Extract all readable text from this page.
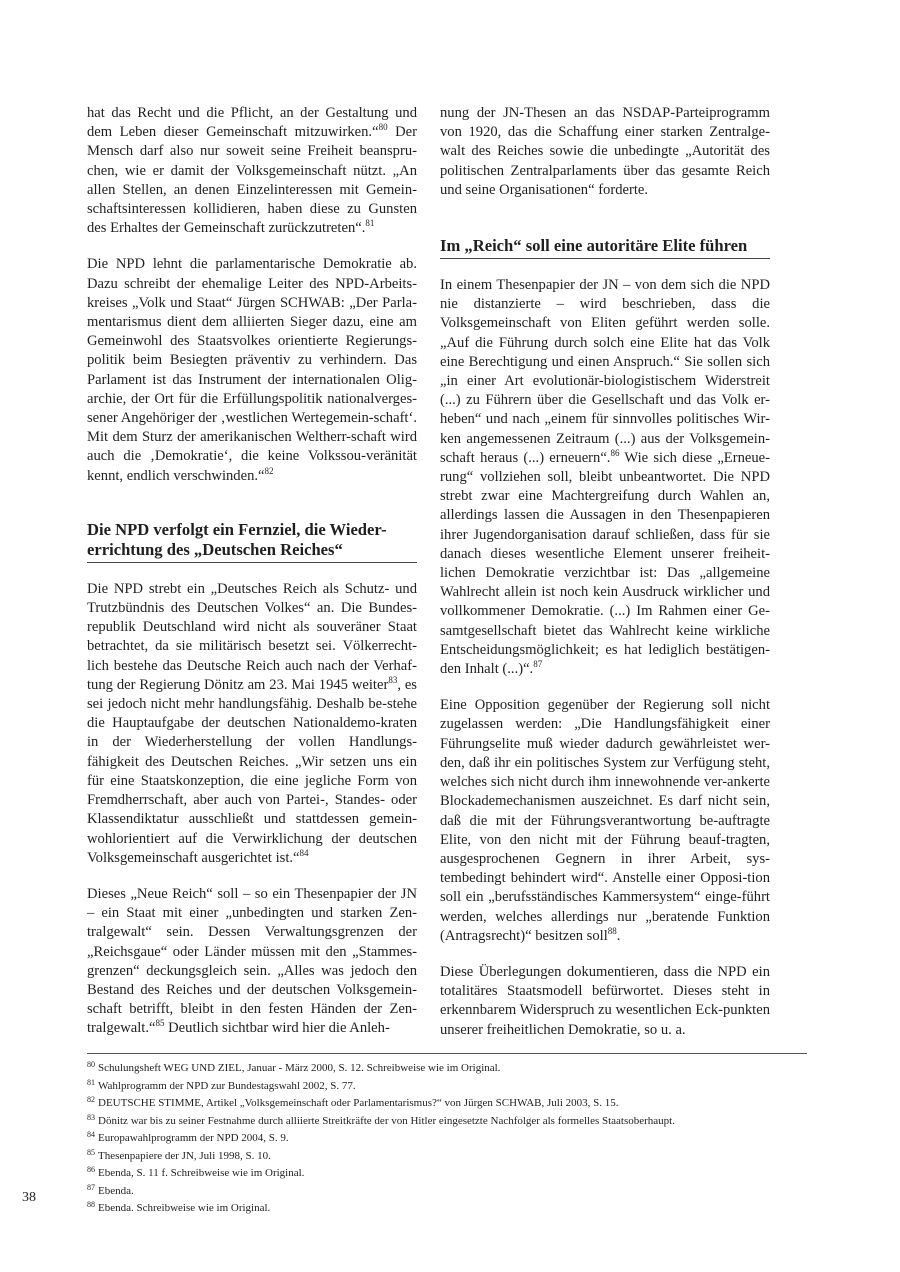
hat das Recht und die Pflicht, an der Gestaltung und dem Leben dieser Gemeinschaft mitzuwirken.“$^{80}$ Der Mensch darf also nur soweit seine Freiheit beanspru-chen, wie er damit der Volksgemeinschaft nützt. „An allen Stellen, an denen Einzelinteressen mit Gemein-schaftsinteressen kollidieren, haben diese zu Gunsten des Erhaltes der Gemeinschaft zurückzutreten“.$^{81}$

Die NPD lehnt die parlamentarische Demokratie ab. Dazu schreibt der ehemalige Leiter des NPD-Arbeits-kreises „Volk und Staat“ Jürgen SCHWAB: „Der Parla-mentarismus dient dem alliierten Sieger dazu, eine am Gemeinwohl des Staatsvolkes orientierte Regierungs-politik beim Besiegten präventiv zu verhindern. Das Parlament ist das Instrument der internationalen Olig-archie, der Ort für die Erfüllungspolitik nationalverges-sener Angehöriger der ‚westlichen Wertegemein-schaft‘. Mit dem Sturz der amerikanischen Weltherr-schaft wird auch die ‚Demokratie‘, die keine Volkssou-veränität kennt, endlich verschwinden.“$^{82}$

Die NPD verfolgt ein Fernziel, die Wieder-errichtung des „Deutschen Reiches“

Die NPD strebt ein „Deutsches Reich als Schutz- und Trutzbündnis des Deutschen Volkes“ an. Die Bundes-republik Deutschland wird nicht als souveräner Staat betrachtet, da sie militärisch besetzt sei. Völkerrecht-lich bestehe das Deutsche Reich auch nach der Verhaf-tung der Regierung Dönitz am 23. Mai 1945 weiter$^{83}$, es sei jedoch nicht mehr handlungsfähig. Deshalb be-stehe die Hauptaufgabe der deutschen Nationaldemo-kraten in der Wiederherstellung der vollen Handlungs-fähigkeit des Deutschen Reiches. „Wir setzen uns ein für eine Staatskonzeption, die eine jegliche Form von Fremdherrschaft, aber auch von Partei-, Standes- oder Klassendiktatur ausschließt und stattdessen gemein-wohlorientiert auf die Verwirklichung der deutschen Volksgemeinschaft ausgerichtet ist.“$^{84}$

Dieses „Neue Reich“ soll – so ein Thesenpapier der JN – ein Staat mit einer „unbedingten und starken Zen-tralgewalt“ sein. Dessen Verwaltungsgrenzen der „Reichsgaue“ oder Länder müssen mit den „Stammes-grenzen“ deckungsgleich sein. „Alles was jedoch den Bestand des Reiches und der deutschen Volksgemein-schaft betrifft, bleibt in den festen Händen der Zen-tralgewalt.“$^{85}$ Deutlich sichtbar wird hier die Anleh-

nung der JN-Thesen an das NSDAP-Parteiprogramm von 1920, das die Schaffung einer starken Zentralge-walt des Reiches sowie die unbedingte „Autorität des politischen Zentralparlaments über das gesamte Reich und seine Organisationen“ forderte.

Im „Reich“ soll eine autoritäre Elite führen

In einem Thesenpapier der JN – von dem sich die NPD nie distanzierte – wird beschrieben, dass die Volksgemeinschaft von Eliten geführt werden solle. „Auf die Führung durch solch eine Elite hat das Volk eine Berechtigung und einen Anspruch.“ Sie sollen sich „in einer Art evolutionär-biologistischem Widerstreit (...) zu Führern über die Gesellschaft und das Volk er-heben“ und nach „einem für sinnvolles politisches Wir-ken angemessenen Zeitraum (...) aus der Volksgemein-schaft heraus (...) erneuern“.$^{86}$ Wie sich diese „Erneue-rung“ vollziehen soll, bleibt unbeantwortet. Die NPD strebt zwar eine Machtergreifung durch Wahlen an, allerdings lassen die Aussagen in den Thesenpapieren ihrer Jugendorganisation darauf schließen, dass für sie danach dieses wesentliche Element unserer freiheit-lichen Demokratie verzichtbar ist: Das „allgemeine Wahlrecht allein ist noch kein Ausdruck wirklicher und vollkommener Demokratie. (...) Im Rahmen einer Ge-samtgesellschaft bietet das Wahlrecht keine wirkliche Entscheidungsmöglichkeit; es hat lediglich bestätigen-den Inhalt (...)“.$^{87}$

Eine Opposition gegenüber der Regierung soll nicht zugelassen werden: „Die Handlungsfähigkeit einer Führungselite muß wieder dadurch gewährleistet wer-den, daß ihr ein politisches System zur Verfügung steht, welches sich nicht durch ihm innewohnende ver-ankerte Blockademechanismen auszeichnet. Es darf nicht sein, daß die mit der Führungsverantwortung be-auftragte Elite, von den nicht mit der Führung beauf-tragten, ausgesprochenen Gegnern in ihrer Arbeit, sys-tembedingt behindert wird“. Anstelle einer Opposi-tion soll ein „berufsständisches Kammersystem“ einge-führt werden, welches allerdings nur „beratende Funktion (Antragsrecht)“ besitzen soll$^{88}$.

Diese Überlegungen dokumentieren, dass die NPD ein totalitäres Staatsmodell befürwortet. Dieses steht in erkennbarem Widerspruch zu wesentlichen Eck-punkten unserer freiheitlichen Demokratie, so u. a.

$^{80}$ Schulungsheft WEG UND ZIEL, Januar - März 2000, S. 12. Schreibweise wie im Original.
$^{81}$ Wahlprogramm der NPD zur Bundestagswahl 2002, S. 77.
$^{82}$ DEUTSCHE STIMME, Artikel „Volksgemeinschaft oder Parlamentarismus?“ von Jürgen SCHWAB, Juli 2003, S. 15.
$^{83}$ Dönitz war bis zu seiner Festnahme durch alliierte Streitkräfte der von Hitler eingesetzte Nachfolger als formelles Staatsoberhaupt.
$^{84}$ Europawahlprogramm der NPD 2004, S. 9.
$^{85}$ Thesenpapiere der JN, Juli 1998, S. 10.
$^{86}$ Ebenda, S. 11 f. Schreibweise wie im Original.
$^{87}$ Ebenda.
$^{88}$ Ebenda. Schreibweise wie im Original.
38
